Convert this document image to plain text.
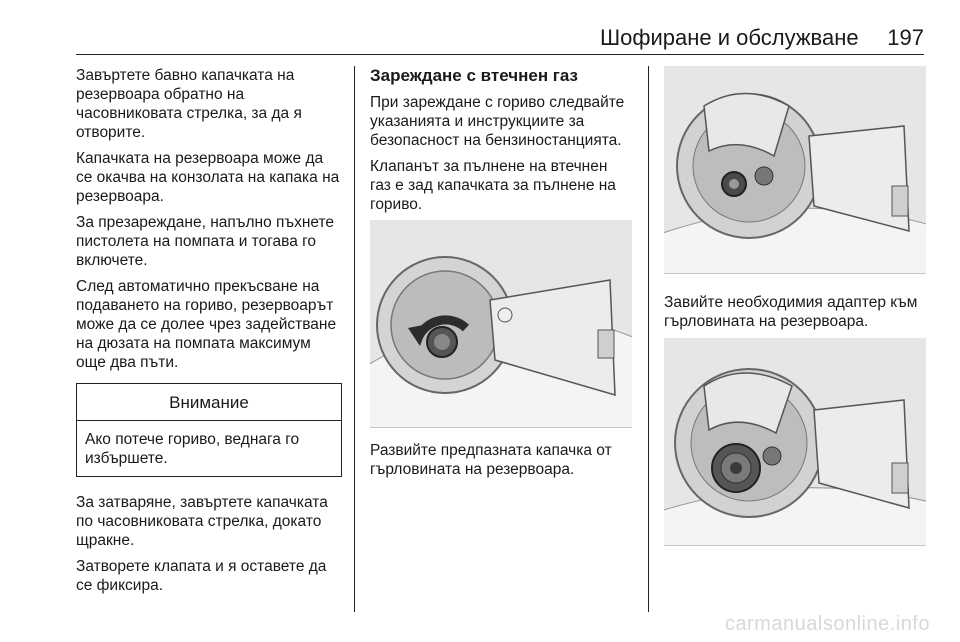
Шофиране и обслужване 197

Завъртете бавно капачката на резервоара обратно на часовниковата стрелка, за да я отворите.

Капачката на резервоара може да се окачва на конзолата на капака на резервоара.

За презареждане, напълно пъхнете пистолета на помпата и тогава го включете.

След автоматично прекъсване на подаването на гориво, резервоарът може да се долее чрез задействане на дюзата на помпата максимум още два пъти.

Внимание
Ако потече гориво, веднага го избършете.

За затваряне, завъртете капачката по часовниковата стрелка, докато щракне.

Затворете клапата и я оставете да се фиксира.

Зареждане с втечнен газ

При зареждане с гориво следвайте указанията и инструкциите за безопасност на бензиностанцията.

Клапанът за пълнене на втечнен газ е зад капачката за пълнене на гориво.

Развийте предпазната капачка от гърловината на резервоара.

Завийте необходимия адаптер към гърловината на резервоара.

carmanualsonline.info
